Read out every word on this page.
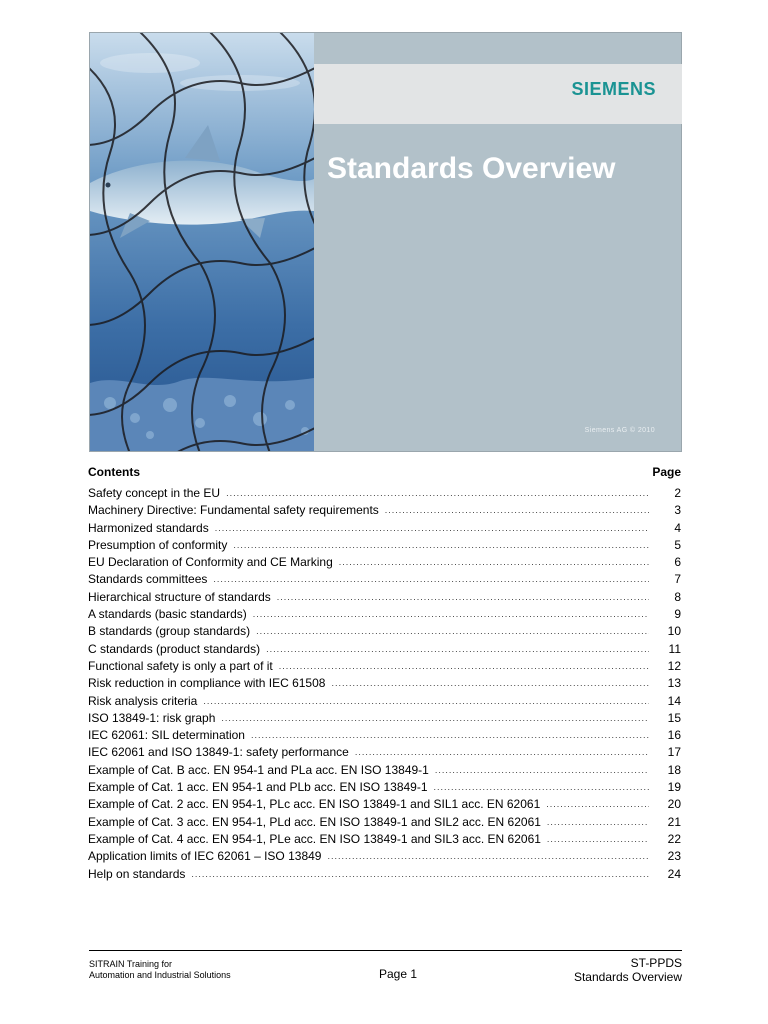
SIEMENS
Standards Overview
Siemens AG © 2010
Contents	Page
Safety concept in the EU .....	2
Machinery Directive: Fundamental safety requirements .....	3
Harmonized standards .....	4
Presumption of conformity .....	5
EU Declaration of Conformity and CE Marking .....	6
Standards committees .....	7
Hierarchical structure of standards .....	8
A standards (basic standards) .....	9
B standards (group standards) .....	10
C standards (product standards) .....	11
Functional safety is only a part of it .....	12
Risk reduction in compliance with IEC 61508 .....	13
Risk analysis criteria .....	14
ISO 13849-1: risk graph .....	15
IEC 62061: SIL determination .....	16
IEC 62061 and ISO 13849-1: safety performance .....	17
Example of Cat. B acc. EN 954-1 and PLa acc. EN ISO 13849-1 .....	18
Example of Cat. 1 acc. EN 954-1 and PLb acc. EN ISO 13849-1 .....	19
Example of Cat. 2 acc. EN 954-1, PLc acc. EN ISO 13849-1 and SIL1 acc. EN 62061 .....	20
Example of Cat. 3 acc. EN 954-1, PLd acc. EN ISO 13849-1 and SIL2 acc. EN 62061 .....	21
Example of Cat. 4 acc. EN 954-1, PLe acc. EN ISO 13849-1 and SIL3 acc. EN 62061 .....	22
Application limits of IEC 62061 – ISO 13849 .....	23
Help on standards .....	24
SITRAIN Training for
Automation and Industrial Solutions	Page 1
ST-PPDS
Standards Overview
